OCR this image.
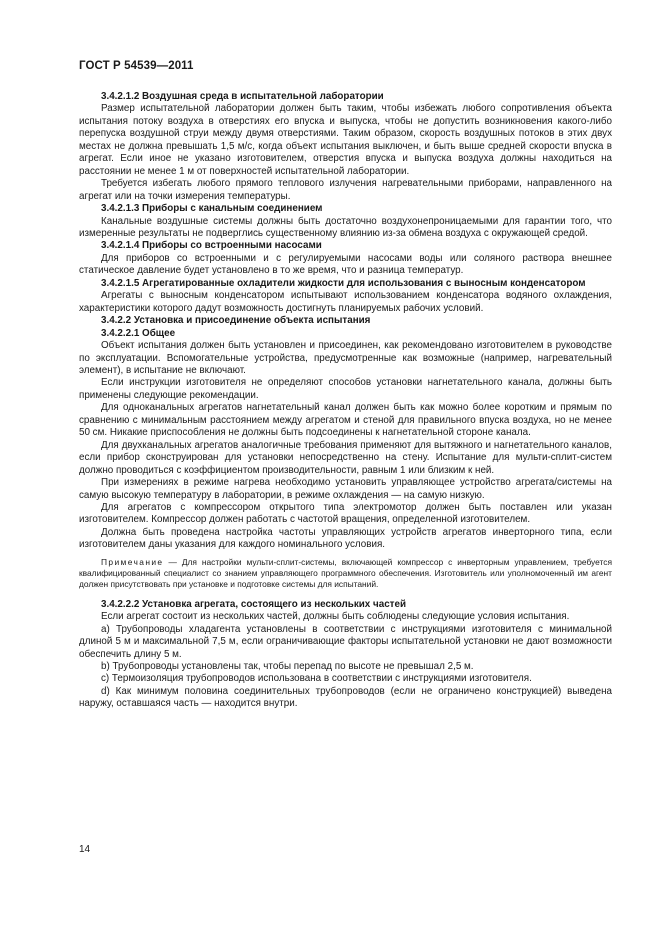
ГОСТ Р 54539—2011

3.4.2.1.2 Воздушная среда в испытательной лаборатории

Размер испытательной лаборатории должен быть таким, чтобы избежать любого сопротивления объекта испытания потоку воздуха в отверстиях его впуска и выпуска, чтобы не допустить возникновения какого-либо перепуска воздушной струи между двумя отверстиями. Таким образом, скорость воздушных потоков в этих двух местах не должна превышать 1,5 м/с, когда объект испытания выключен, и быть выше средней скорости впуска в агрегат. Если иное не указано изготовителем, отверстия впуска и выпуска воздуха должны находиться на расстоянии не менее 1 м от поверхностей испытательной лаборатории.

Требуется избегать любого прямого теплового излучения нагревательными приборами, направленного на агрегат или на точки измерения температуры.

3.4.2.1.3 Приборы с канальным соединением

Канальные воздушные системы должны быть достаточно воздухонепроницаемыми для гарантии того, что измеренные результаты не подверглись существенному влиянию из-за обмена воздуха с окружающей средой.

3.4.2.1.4 Приборы со встроенными насосами

Для приборов со встроенными и с регулируемыми насосами воды или соляного раствора внешнее статическое давление будет установлено в то же время, что и разница температур.

3.4.2.1.5 Агрегатированные охладители жидкости для использования с выносным конденсатором

Агрегаты с выносным конденсатором испытывают использованием конденсатора водяного охлаждения, характеристики которого дадут возможность достигнуть планируемых рабочих условий.

3.4.2.2 Установка и присоединение объекта испытания

3.4.2.2.1 Общее

Объект испытания должен быть установлен и присоединен, как рекомендовано изготовителем в руководстве по эксплуатации. Вспомогательные устройства, предусмотренные как возможные (например, нагревательный элемент), в испытание не включают.

Если инструкции изготовителя не определяют способов установки нагнетательного канала, должны быть применены следующие рекомендации.

Для одноканальных агрегатов нагнетательный канал должен быть как можно более коротким и прямым по сравнению с минимальным расстоянием между агрегатом и стеной для правильного впуска воздуха, но не менее 50 см. Никакие приспособления не должны быть подсоединены к нагнетательной стороне канала.

Для двухканальных агрегатов аналогичные требования применяют для вытяжного и нагнетательного каналов, если прибор сконструирован для установки непосредственно на стену. Испытание для мульти-сплит-систем должно проводиться с коэффициентом производительности, равным 1 или близким к ней.

При измерениях в режиме нагрева необходимо установить управляющее устройство агрегата/системы на самую высокую температуру в лаборатории, в режиме охлаждения — на самую низкую.

Для агрегатов с компрессором открытого типа электромотор должен быть поставлен или указан изготовителем. Компрессор должен работать с частотой вращения, определенной изготовителем.

Должна быть проведена настройка частоты управляющих устройств агрегатов инверторного типа, если изготовителем даны указания для каждого номинального условия.

Примечание — Для настройки мульти-сплит-системы, включающей компрессор с инверторным управлением, требуется квалифицированный специалист со знанием управляющего программного обеспечения. Изготовитель или уполномоченный им агент должен присутствовать при установке и подготовке системы для испытаний.

3.4.2.2.2 Установка агрегата, состоящего из нескольких частей

Если агрегат состоит из нескольких частей, должны быть соблюдены следующие условия испытания.

а) Трубопроводы хладагента установлены в соответствии с инструкциями изготовителя с минимальной длиной 5 м и максимальной 7,5 м, если ограничивающие факторы испытательной установки не дают возможности обеспечить длину 5 м.

b) Трубопроводы установлены так, чтобы перепад по высоте не превышал 2,5 м.

c) Термоизоляция трубопроводов использована в соответствии с инструкциями изготовителя.

d) Как минимум половина соединительных трубопроводов (если не ограничено конструкцией) выведена наружу, оставшаяся часть — находится внутри.

14
